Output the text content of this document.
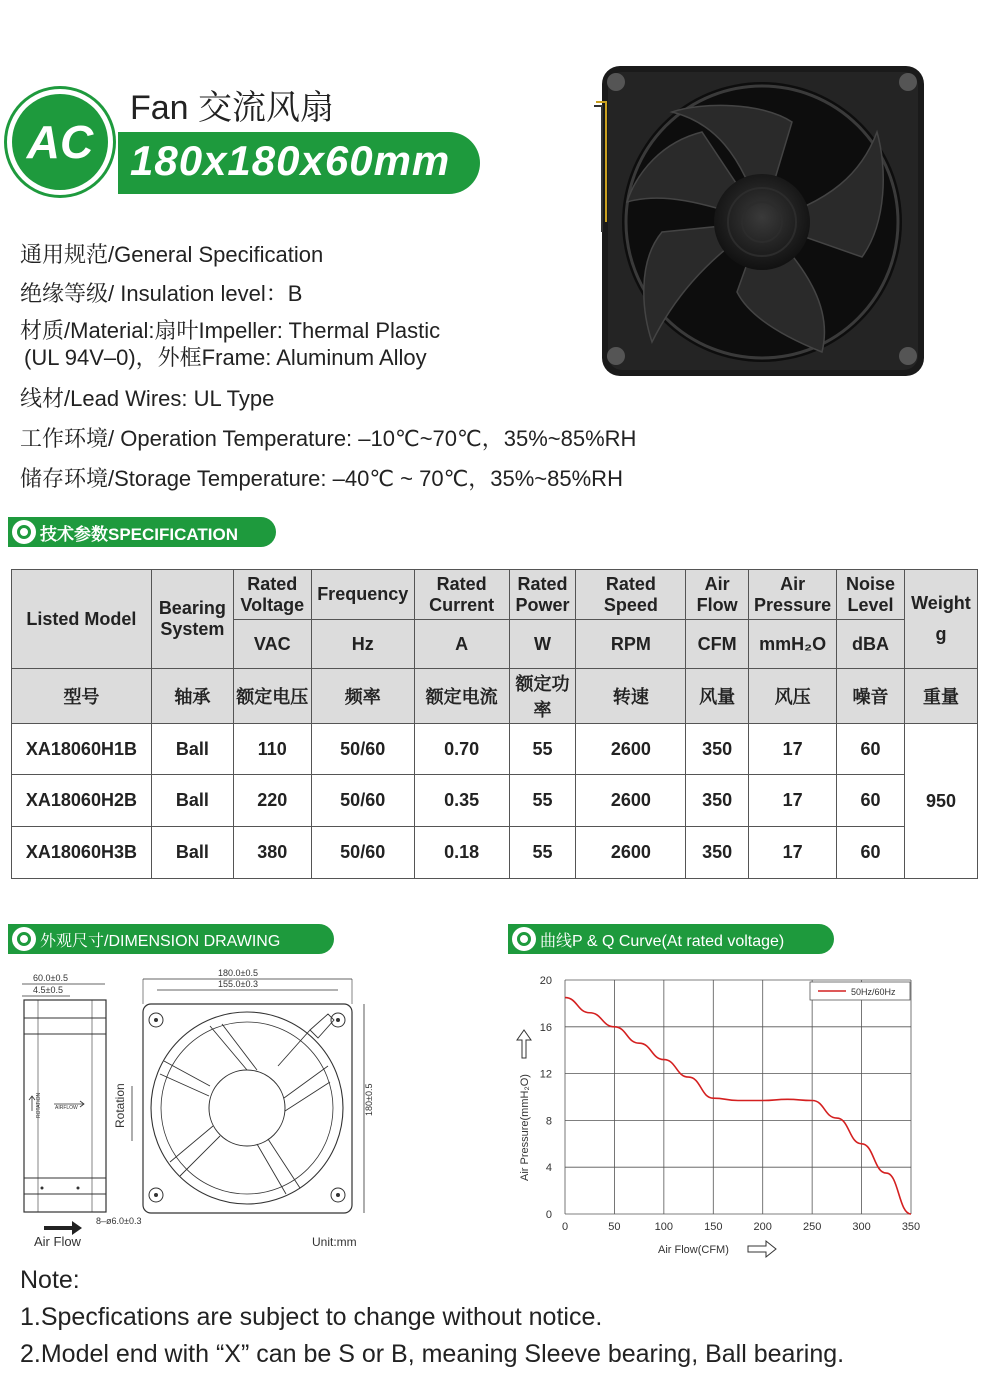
AC
Fan 交流风扇
180x180x60mm
通用规范/General Specification
绝缘等级/ Insulation level：B
材质/Material:扇叶Impeller: Thermal Plastic
(UL 94V–0)，外框Frame: Aluminum Alloy
线材/Lead Wires: UL Type
工作环境/ Operation Temperature: –10℃~70℃，35%~85%RH
储存环境/Storage Temperature: –40℃ ~ 70℃，35%~85%RH
技术参数SPECIFICATION
Listed Model	Bearing System	Rated Voltage	Frequency	Rated Current	Rated Power	Rated Speed	Air Flow	Air Pressure	Noise Level	Weight
g

		VAC	Hz	A	W	RPM	CFM	mmH₂O	dBA	
型号	轴承	额定电压	频率	额定电流	额定功率	转速	风量	风压	噪音	重量
XA18060H1B	Ball	110	50/60	0.70	55	2600	350	17	60	950
XA18060H2B	Ball	220	50/60	0.35	55	2600	350	17	60	
XA18060H3B	Ball	380	50/60	0.18	55	2600	350	17	60	
外观尺寸/DIMENSION DRAWING	曲线P & Q Curve(At rated voltage)
60.0±0.5
4.5±0.5
ROTATION	AIRFLOW
Air Flow
180.0±0.5
155.0±0.3
180±0.5
Rotation
8–ø6.0±0.3
Unit:mm
0	50	100	150	200	250	300	350
0
4
8
12
16
20
50Hz/60Hz
Air Pressure(mmH₂O)
Air Flow(CFM)
Note:
1.Specfications are subject to change without notice.
2.Model end with “X” can be S or B, meaning Sleeve bearing, Ball bearing.
